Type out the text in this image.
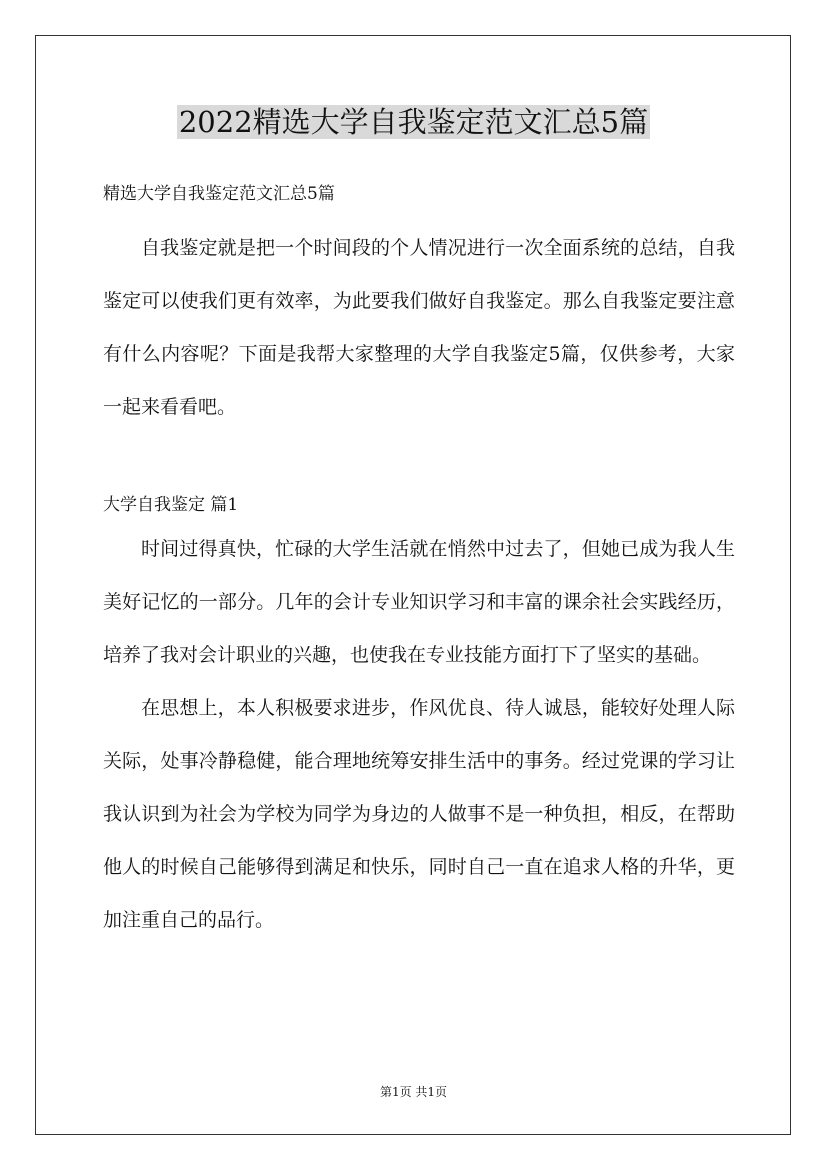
2022精选大学自我鉴定范文汇总5篇

精选大学自我鉴定范文汇总5篇

自我鉴定就是把一个时间段的个人情况进行一次全面系统的总结，自我鉴定可以使我们更有效率，为此要我们做好自我鉴定。那么自我鉴定要注意有什么内容呢？下面是我帮大家整理的大学自我鉴定5篇，仅供参考，大家一起来看看吧。

大学自我鉴定 篇1

时间过得真快，忙碌的大学生活就在悄然中过去了，但她已成为我人生美好记忆的一部分。几年的会计专业知识学习和丰富的课余社会实践经历，培养了我对会计职业的兴趣，也使我在专业技能方面打下了坚实的基础。

在思想上，本人积极要求进步，作风优良、待人诚恳，能较好处理人际关际，处事冷静稳健，能合理地统筹安排生活中的事务。经过党课的学习让我认识到为社会为学校为同学为身边的人做事不是一种负担，相反，在帮助他人的时候自己能够得到满足和快乐，同时自己一直在追求人格的升华，更加注重自己的品行。

第1页 共1页
